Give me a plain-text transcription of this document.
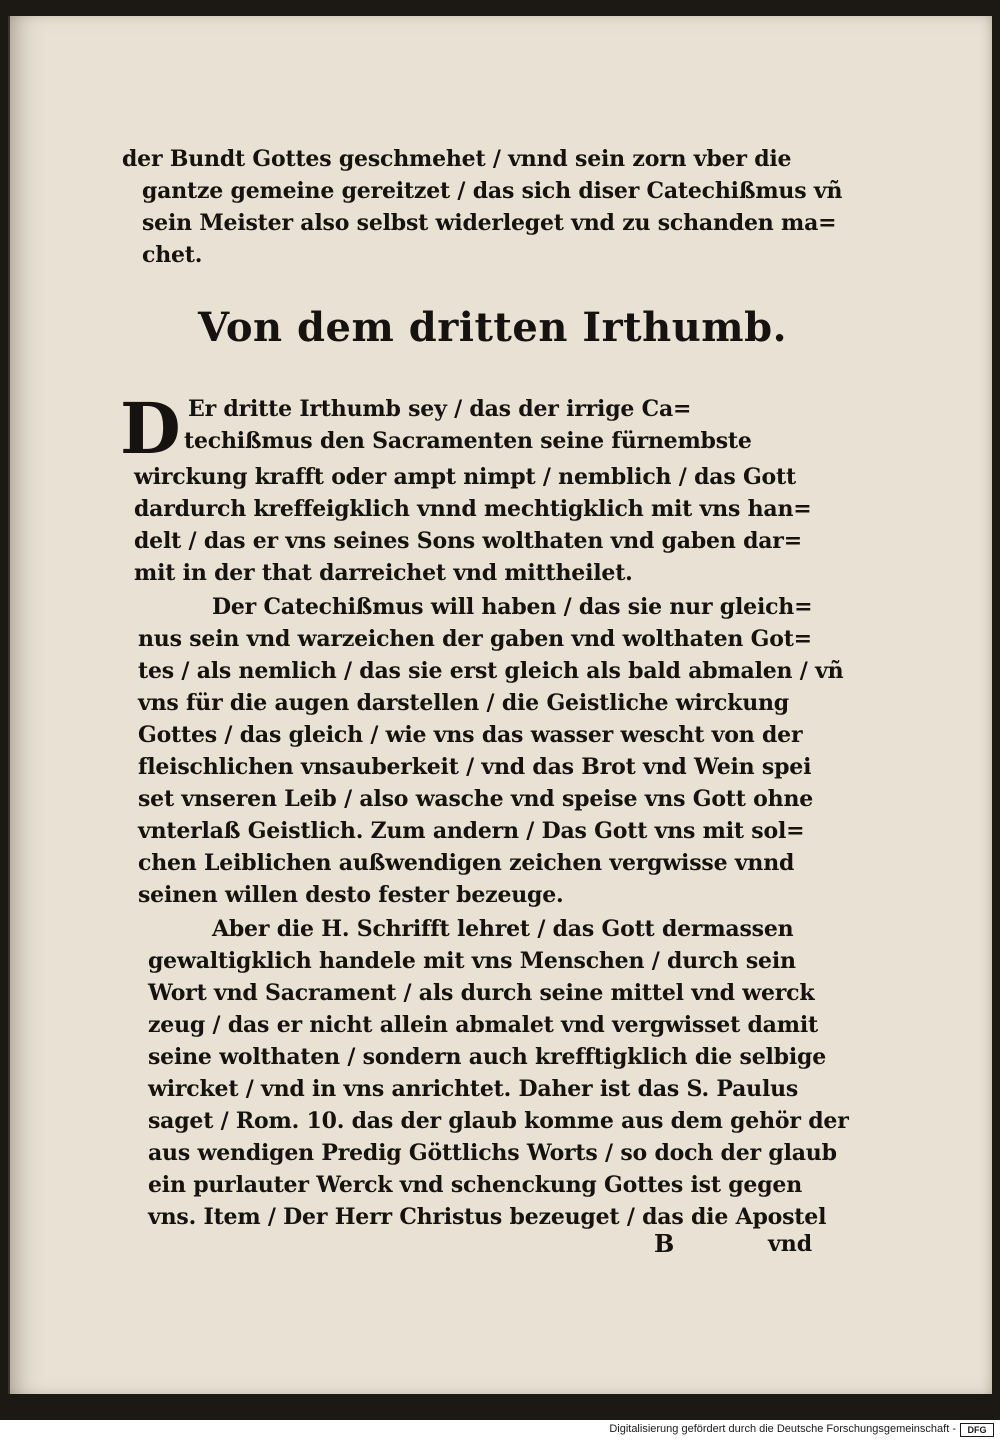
der Bundt Gottes geschmehet / vnnd sein zorn vber die
gantze gemeine gereitzet / das sich diser Catechißmus vñ
sein Meister also selbst widerleget vnd zu schanden ma=
chet.
Von dem dritten Irthumb.
D Er dritte Irthumb sey / das der irrige Ca=
techißmus den Sacramenten seine fürnembste
wirckung krafft oder ampt nimpt / nemblich / das Gott
dardurch kreffeigklich vnnd mechtigklich mit vns han=
delt / das er vns seines Sons wolthaten vnd gaben dar=
mit in der that darreichet vnd mittheilet.
Der Catechißmus will haben / das sie nur gleich=
nus sein vnd warzeichen der gaben vnd wolthaten Got=
tes / als nemlich / das sie erst gleich als bald abmalen / vñ
vns für die augen darstellen / die Geistliche wirckung
Gottes / das gleich / wie vns das wasser wescht von der
fleischlichen vnsauberkeit / vnd das Brot vnd Wein spei
set vnseren Leib / also wasche vnd speise vns Gott ohne
vnterlaß Geistlich. Zum andern / Das Gott vns mit sol=
chen Leiblichen außwendigen zeichen vergwisse vnnd
seinen willen desto fester bezeuge.
Aber die H. Schrifft lehret / das Gott dermassen
gewaltigklich handele mit vns Menschen / durch sein
Wort vnd Sacrament / als durch seine mittel vnd werck
zeug / das er nicht allein abmalet vnd vergwisset damit
seine wolthaten / sondern auch krefftigklich die selbige
wircket / vnd in vns anrichtet. Daher ist das S. Paulus
saget / Rom. 10. das der glaub komme aus dem gehör der
aus wendigen Predig Göttlichs Worts / so doch der glaub
ein purlauter Werck vnd schenckung Gottes ist gegen
vns. Item / Der Herr Christus bezeuget / das die Apostel
B	vnd
Digitalisierung gefördert durch die Deutsche Forschungsgemeinschaft -	DFG
